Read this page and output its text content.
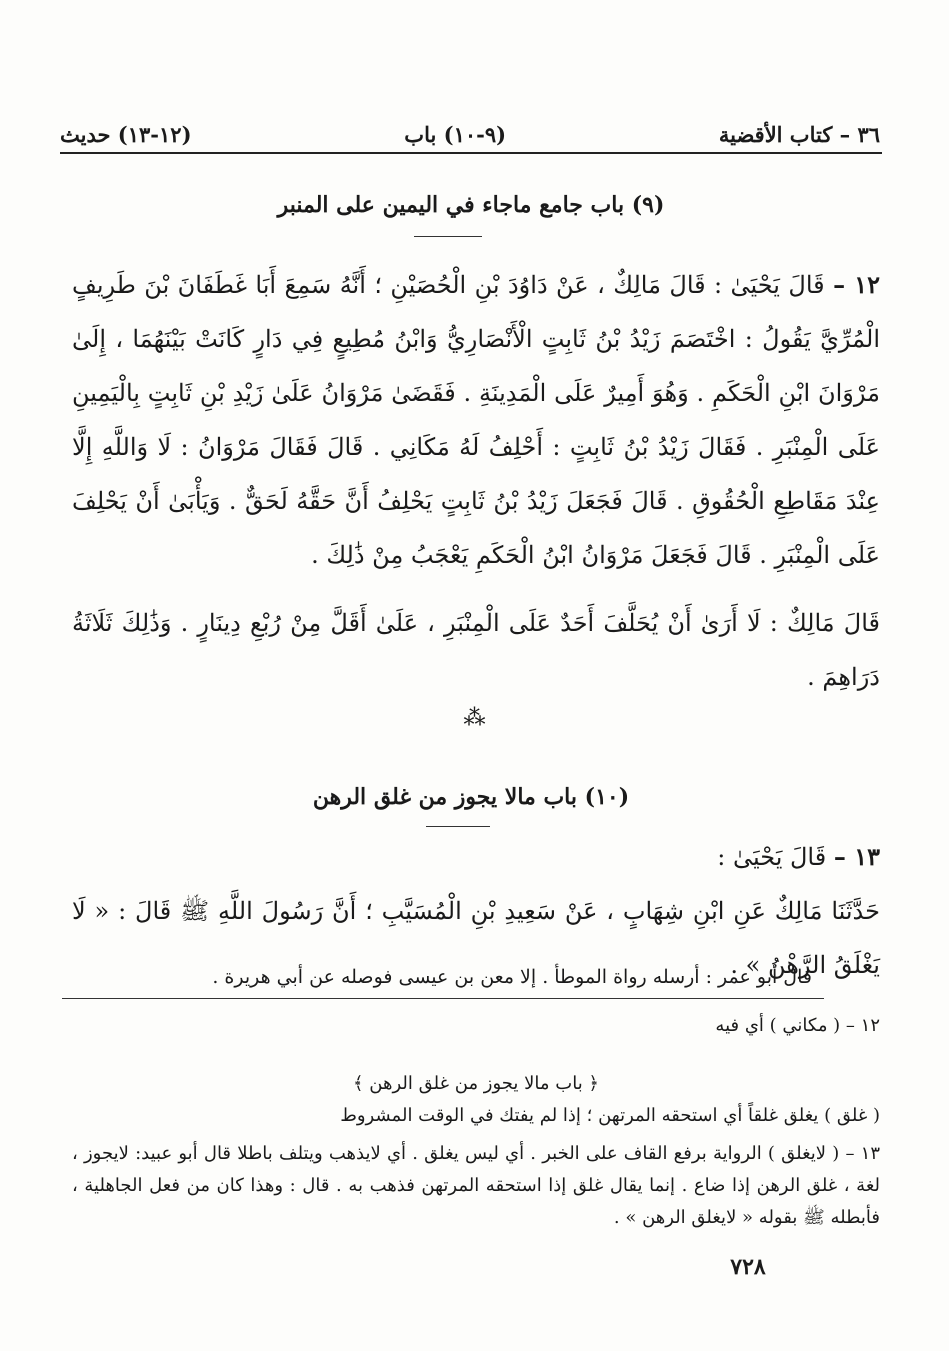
٣٦ – كتاب الأقضية
(٩-١٠) باب
(١٢-١٣) حديث
(٩) باب جامع ماجاء في اليمين على المنبر
١٢ – قَالَ يَحْيَىٰ : قَالَ مَالِكٌ ، عَنْ دَاوُدَ بْنِ الْحُصَيْنِ ؛ أَنَّهُ سَمِعَ أَبَا غَطَفَانَ بْنَ طَرِيفٍ الْمُرِّيَّ يَقُولُ : اخْتَصَمَ زَيْدُ بْنُ ثَابِتٍ الْأَنْصَارِيُّ وَابْنُ مُطِيعٍ فِي دَارٍ كَانَتْ بَيْنَهُمَا ، إِلَىٰ مَرْوَانَ ابْنِ الْحَكَمِ . وَهُوَ أَمِيرٌ عَلَى الْمَدِينَةِ . فَقَضَىٰ مَرْوَانُ عَلَىٰ زَيْدِ بْنِ ثَابِتٍ بِالْيَمِينِ عَلَى الْمِنْبَرِ . فَقَالَ زَيْدُ بْنُ ثَابِتٍ : أَحْلِفُ لَهُ مَكَانِي . قَالَ فَقَالَ مَرْوَانُ : لَا وَاللَّهِ إِلَّا عِنْدَ مَقَاطِعِ الْحُقُوقِ . قَالَ فَجَعَلَ زَيْدُ بْنُ ثَابِتٍ يَحْلِفُ أَنَّ حَقَّهُ لَحَقٌّ . وَيَأْبَىٰ أَنْ يَحْلِفَ عَلَى الْمِنْبَرِ . قَالَ فَجَعَلَ مَرْوَانُ ابْنُ الْحَكَمِ يَعْجَبُ مِنْ ذَٰلِكَ .
قَالَ مَالِكٌ : لَا أَرَىٰ أَنْ يُحَلَّفَ أَحَدٌ عَلَى الْمِنْبَرِ ، عَلَىٰ أَقَلَّ مِنْ رُبْعِ دِينَارٍ . وَذَٰلِكَ ثَلَاثَةُ دَرَاهِمَ .
⁂
(١٠) باب مالا يجوز من غلق الرهن
١٣ – قَالَ يَحْيَىٰ :
حَدَّثَنَا مَالِكٌ عَنِ ابْنِ شِهَابٍ ، عَنْ سَعِيدِ بْنِ الْمُسَيَّبِ ؛ أَنَّ رَسُولَ اللَّهِ ﷺ قَالَ : « لَا يَغْلَقُ الرَّهْنُ » .
قال أبو عمر : أرسله رواة الموطأ . إلا معن بن عيسى فوصله عن أبي هريرة .
١٢ – ( مكاني ) أي فيه
﴿ باب مالا يجوز من غلق الرهن ﴾
( غلق ) يغلق غلقاً أي استحقه المرتهن ؛ إذا لم يفتك في الوقت المشروط
١٣ – ( لايغلق ) الرواية برفع القاف على الخبر . أي ليس يغلق . أي لايذهب ويتلف باطلا قال أبو عبيد: لايجوز ، لغة ، غلق الرهن إذا ضاع . إنما يقال غلق إذا استحقه المرتهن فذهب به . قال : وهذا كان من فعل الجاهلية ، فأبطله ﷺ بقوله « لايغلق الرهن » .
٧٢٨
